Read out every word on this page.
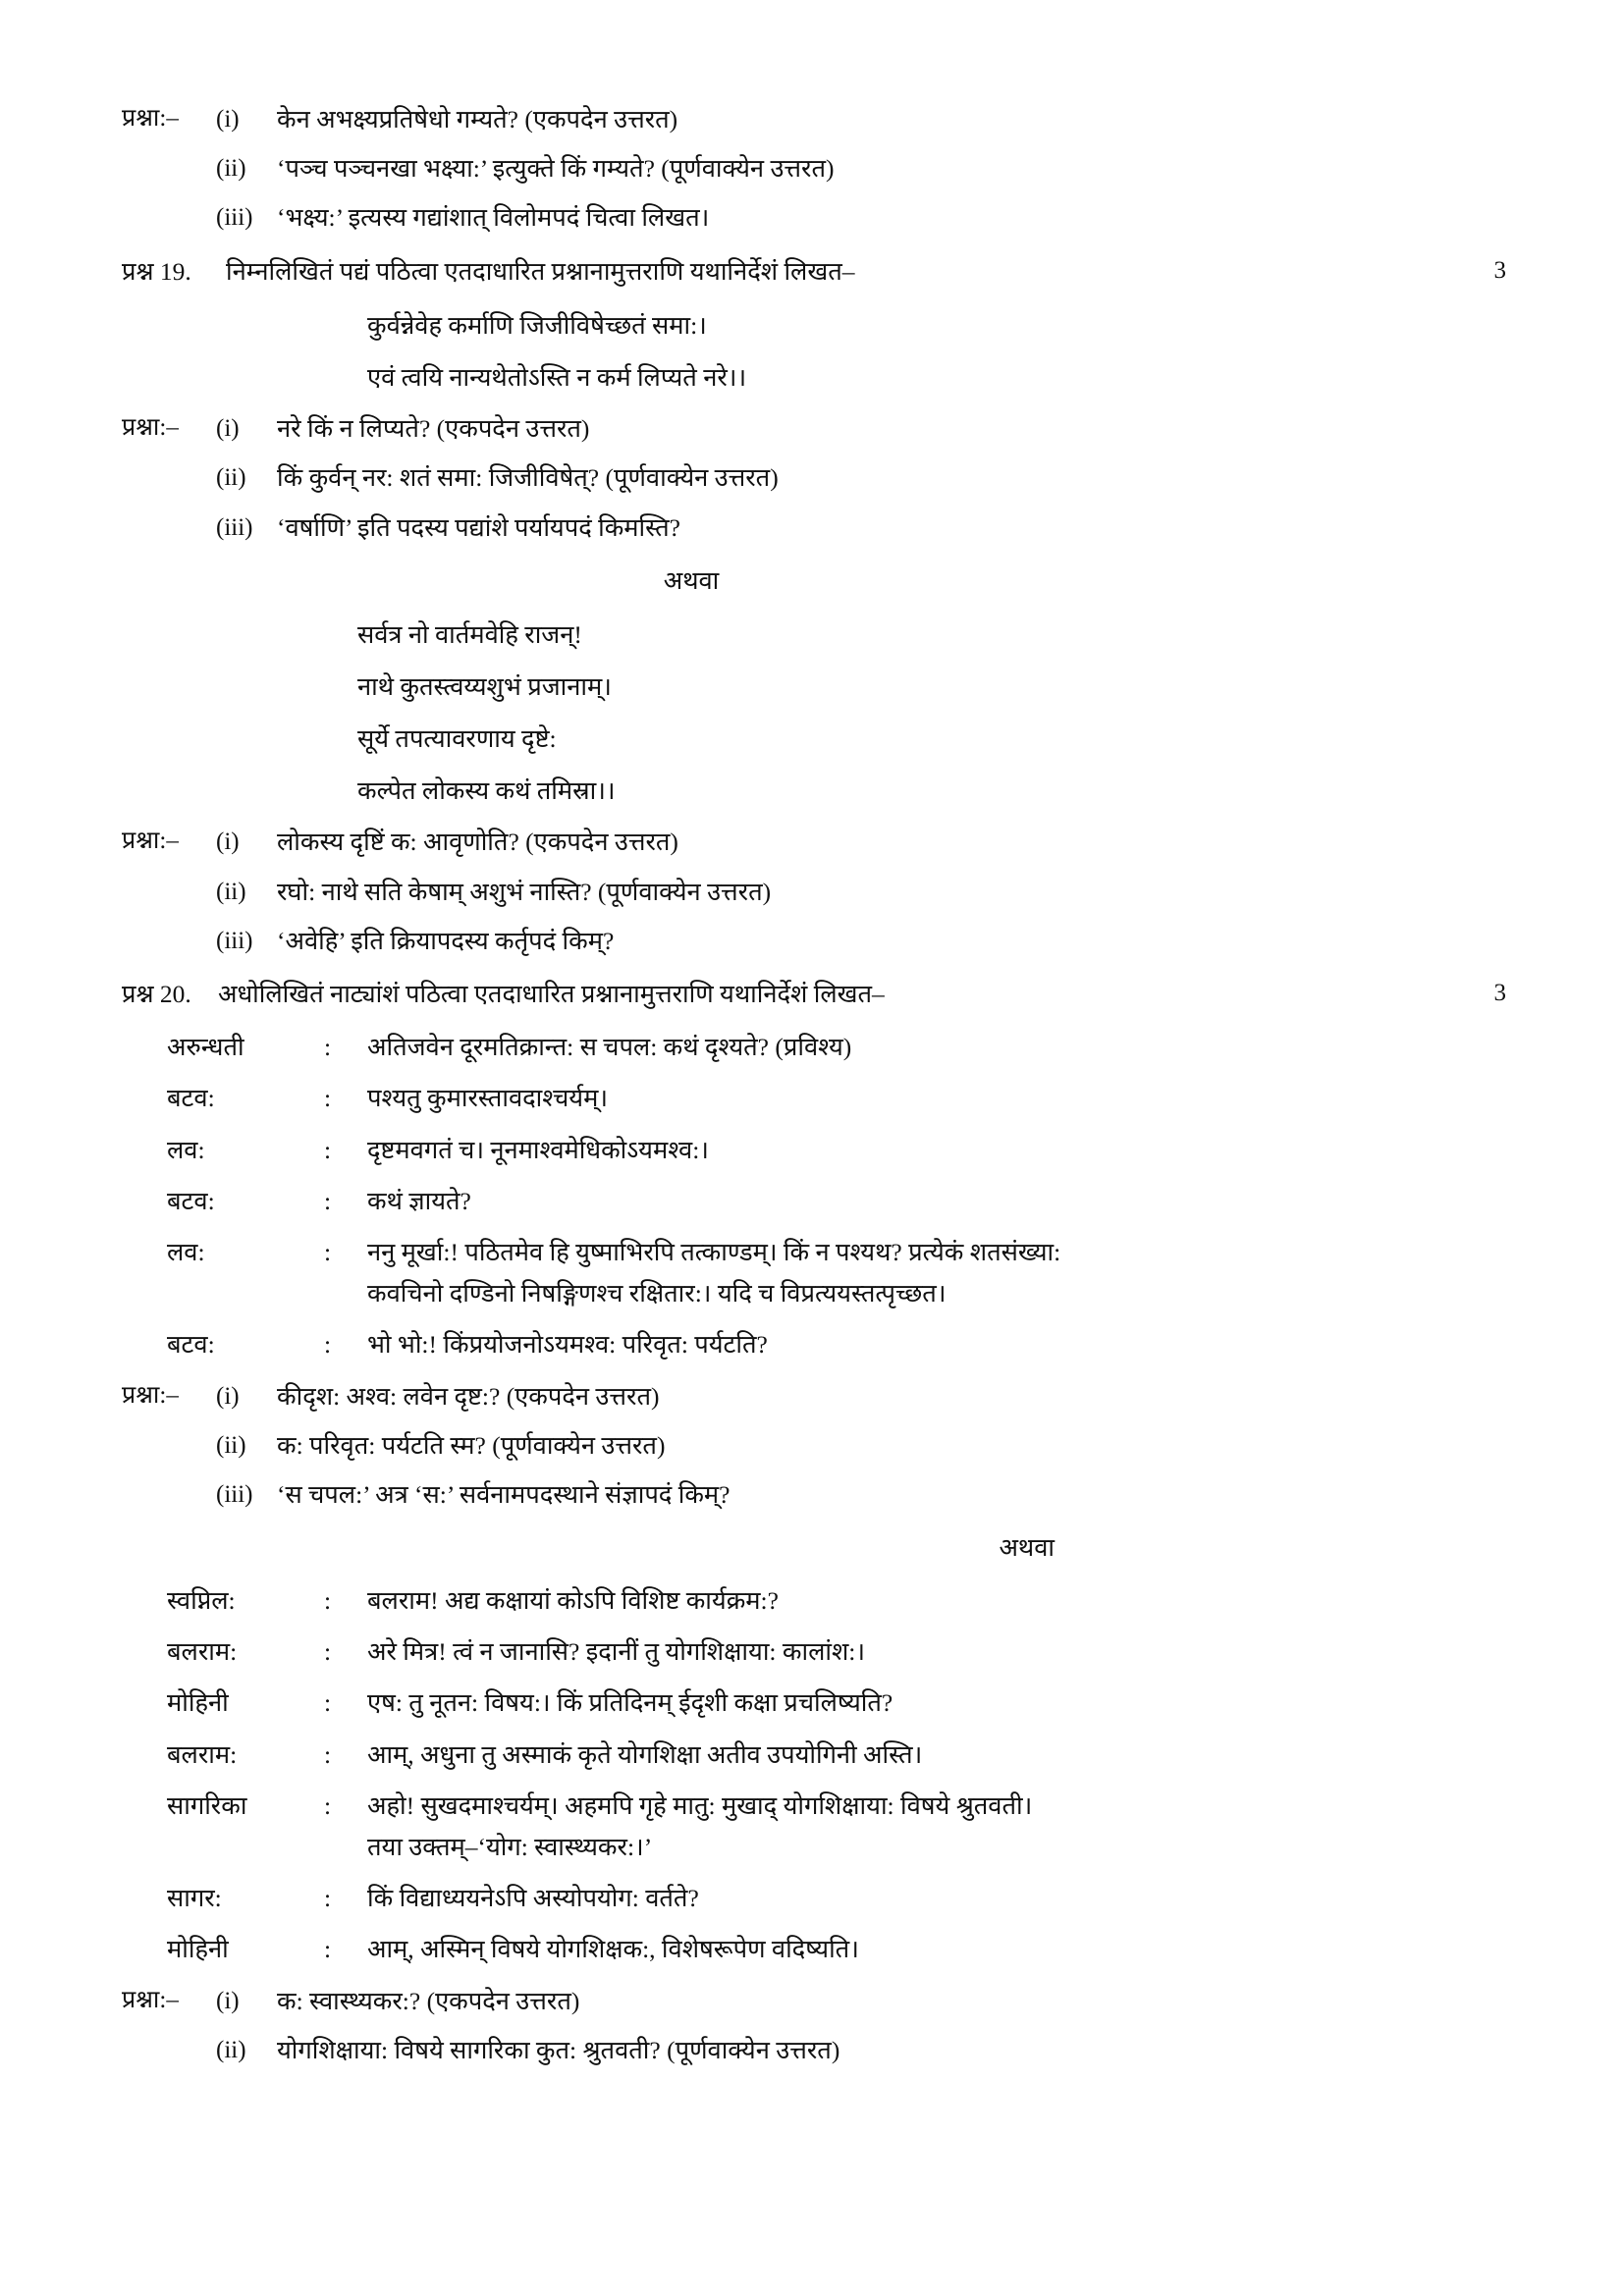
प्रश्ना:–	(i)	केन अभक्ष्यप्रतिषेधो गम्यते? (एकपदेन उत्तरत)
(ii)	‘पञ्च पञ्चनखा भक्ष्या:’ इत्युक्ते किं गम्यते? (पूर्णवाक्येन उत्तरत)
(iii) ‘भक्ष्य:’ इत्यस्य गद्यांशात् विलोमपदं चित्वा लिखत।
प्रश्न 19.	निम्नलिखितं पद्यं पठित्वा एतदाधारित प्रश्नानामुत्तराणि यथानिर्देशं लिखत–	3
कुर्वन्नेवेह कर्माणि जिजीविषेच्छतं समा:।
एवं त्वयि नान्यथेतोऽस्ति न कर्म लिप्यते नरे।।
प्रश्ना:–	(i)	नरे किं न लिप्यते? (एकपदेन उत्तरत)
(ii)	किं कुर्वन् नर: शतं समा: जिजीविषेत्? (पूर्णवाक्येन उत्तरत)
(iii) ‘वर्षाणि’ इति पदस्य पद्यांशे पर्यायपदं किमस्ति?
अथवा
सर्वत्र नो वार्तमवेहि राजन्!
नाथे कुतस्त्वय्यशुभं प्रजानाम्।
सूर्ये तपत्यावरणाय दृष्टे:
कल्पेत लोकस्य कथं तमिस्रा।।
प्रश्ना:–	(i)	लोकस्य दृष्टिं क: आवृणोति? (एकपदेन उत्तरत)
(ii)	रघो: नाथे सति केषाम् अशुभं नास्ति? (पूर्णवाक्येन उत्तरत)
(iii) ‘अवेहि’ इति क्रियापदस्य कर्तृपदं किम्?
प्रश्न 20.	अधोलिखितं नाट्यांशं पठित्वा एतदाधारित प्रश्नानामुत्तराणि यथानिर्देशं लिखत–	3
अरुन्धती	:	अतिजवेन दूरमतिक्रान्त: स चपल: कथं दृश्यते? (प्रविश्य)
बटव:	:	पश्यतु कुमारस्तावदाश्चर्यम्।
लव:	:	दृष्टमवगतं च। नूनमाश्वमेधिकोऽयमश्व:।
बटव:	:	कथं ज्ञायते?
लव:	:	ननु मूर्खा:! पठितमेव हि युष्माभिरपि तत्काण्डम्। किं न पश्यथ? प्रत्येकं शतसंख्या:
कवचिनो दण्डिनो निषङ्गिणश्च रक्षितार:। यदि च विप्रत्ययस्तत्पृच्छत।
बटव:	:	भो भो:! किंप्रयोजनोऽयमश्व: परिवृत: पर्यटति?
प्रश्ना:–	(i)	कीदृश: अश्व: लवेन दृष्ट:? (एकपदेन उत्तरत)
(ii)	क: परिवृत: पर्यटति स्म? (पूर्णवाक्येन उत्तरत)
(iii) ‘स चपल:’ अत्र ‘स:’ सर्वनामपदस्थाने संज्ञापदं किम्?
अथवा
स्वप्निल:	:	बलराम! अद्य कक्षायां कोऽपि विशिष्ट कार्यक्रम:?
बलराम:	:	अरे मित्र! त्वं न जानासि? इदानीं तु योगशिक्षाया: कालांश:।
मोहिनी	:	एष: तु नूतन: विषय:। किं प्रतिदिनम् ईदृशी कक्षा प्रचलिष्यति?
बलराम:	:	आम्, अधुना तु अस्माकं कृते योगशिक्षा अतीव उपयोगिनी अस्ति।
सागरिका	:	अहो! सुखदमाश्चर्यम्। अहमपि गृहे मातु: मुखाद् योगशिक्षाया: विषये श्रुतवती।
तया उक्तम्–‘योग: स्वास्थ्यकर:।’
सागर:	:	किं विद्याध्ययनेऽपि अस्योपयोग: वर्तते?
मोहिनी	:	आम्, अस्मिन् विषये योगशिक्षक:, विशेषरूपेण वदिष्यति।
प्रश्ना:–	(i)	क: स्वास्थ्यकर:? (एकपदेन उत्तरत)
(ii)	योगशिक्षाया: विषये सागरिका कुत: श्रुतवती? (पूर्णवाक्येन उत्तरत)
